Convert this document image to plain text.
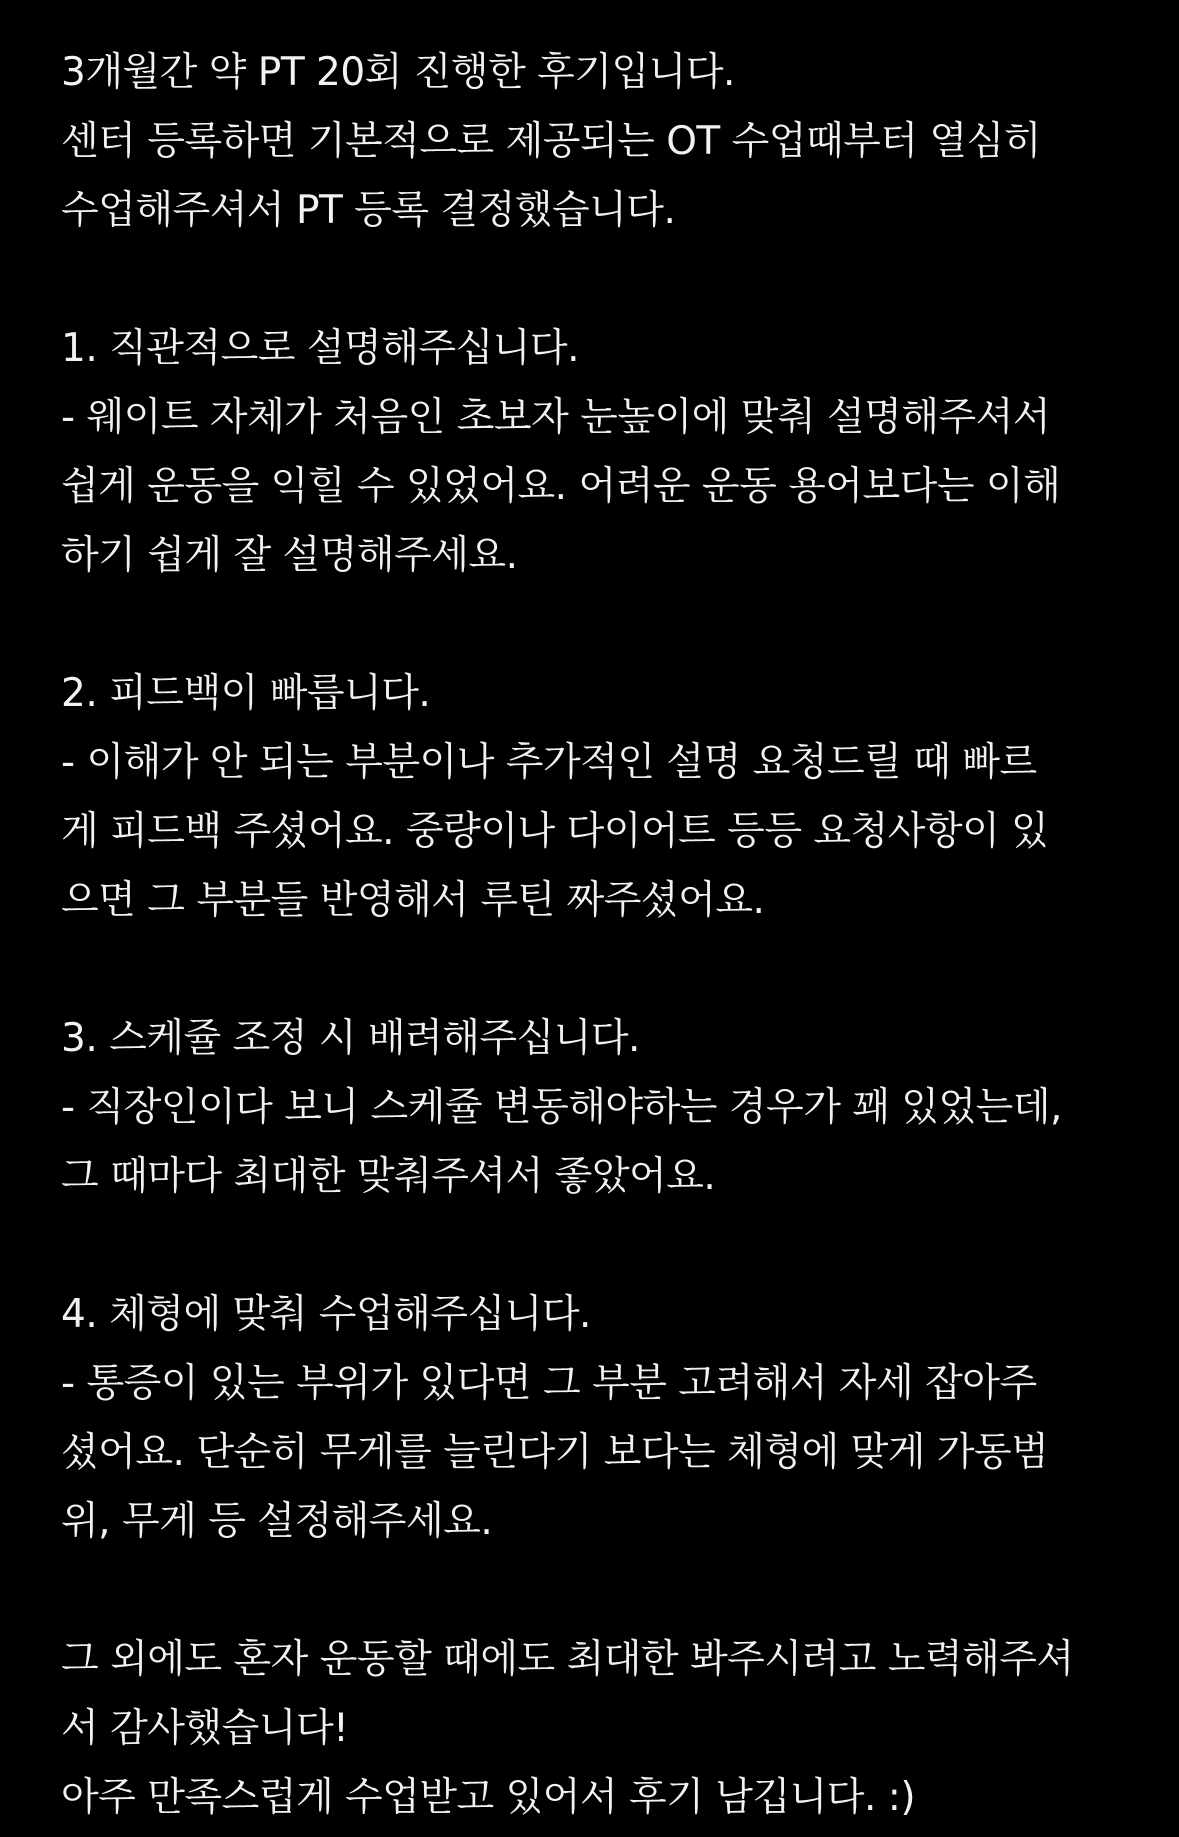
3개월간 약 PT 20회 진행한 후기입니다.
센터 등록하면 기본적으로 제공되는 OT 수업때부터 열심히
수업해주셔서 PT 등록 결정했습니다.
1. 직관적으로 설명해주십니다.
- 웨이트 자체가 처음인 초보자 눈높이에 맞춰 설명해주셔서
쉽게 운동을 익힐 수 있었어요. 어려운 운동 용어보다는 이해
하기 쉽게 잘 설명해주세요.
2. 피드백이 빠릅니다.
- 이해가 안 되는 부분이나 추가적인 설명 요청드릴 때 빠르
게 피드백 주셨어요. 중량이나 다이어트 등등 요청사항이 있
으면 그 부분들 반영해서 루틴 짜주셨어요.
3. 스케쥴 조정 시 배려해주십니다.
- 직장인이다 보니 스케쥴 변동해야하는 경우가 꽤 있었는데,
그 때마다 최대한 맞춰주셔서 좋았어요.
4. 체형에 맞춰 수업해주십니다.
- 통증이 있는 부위가 있다면 그 부분 고려해서 자세 잡아주
셨어요. 단순히 무게를 늘린다기 보다는 체형에 맞게 가동범
위, 무게 등 설정해주세요.
그 외에도 혼자 운동할 때에도 최대한 봐주시려고 노력해주셔
서 감사했습니다!
아주 만족스럽게 수업받고 있어서 후기 남깁니다. :)
